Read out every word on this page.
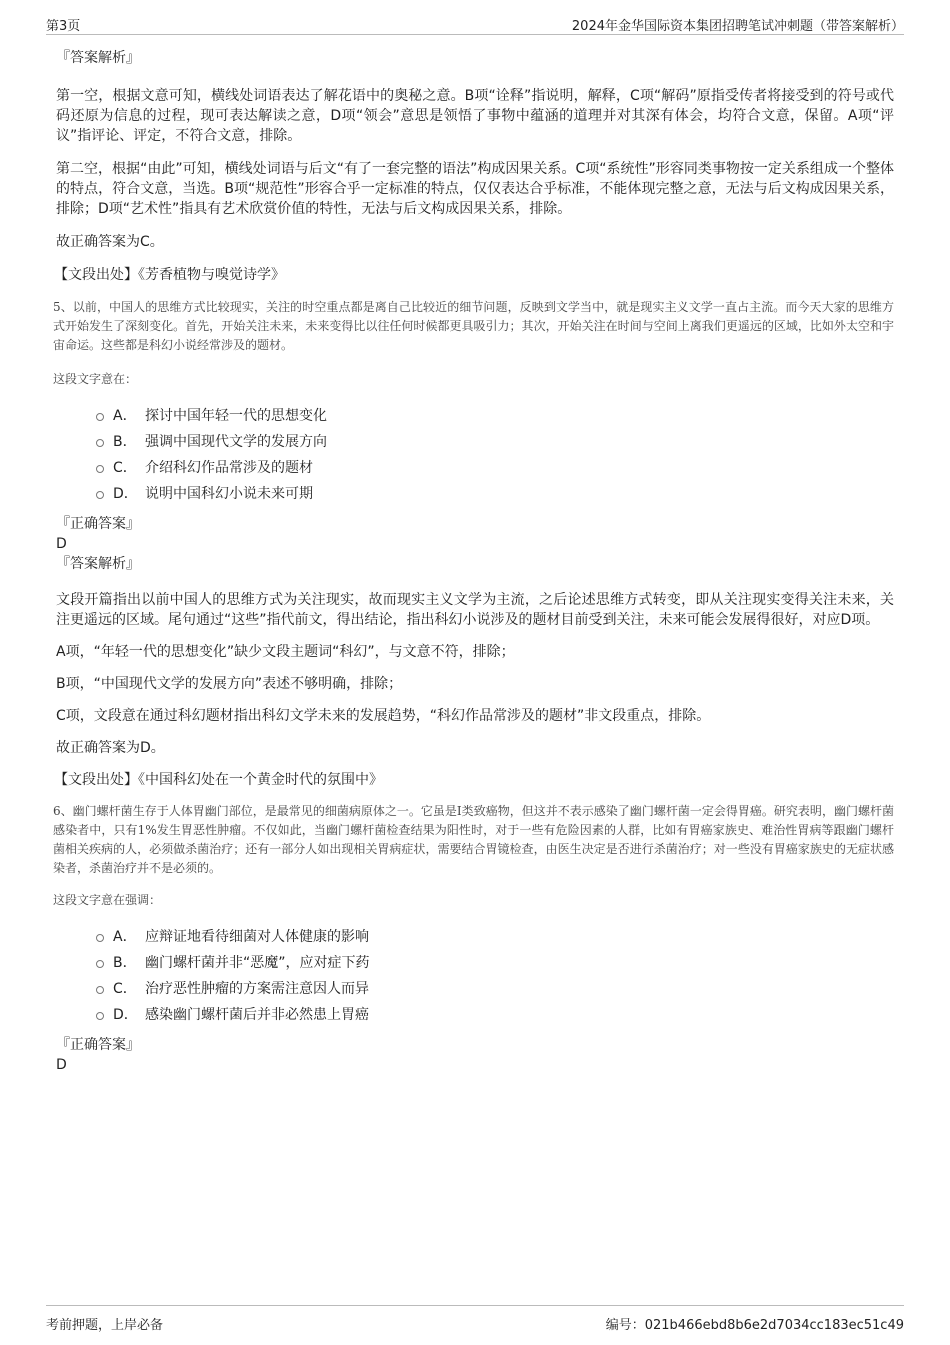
第3页	2024年金华国际资本集团招聘笔试冲刺题（带答案解析）

『答案解析』

第一空，根据文意可知，横线处词语表达了解花语中的奥秘之意。B项“诠释”指说明，解释，C项“解码”原指受传者将接受到的符号或代码还原为信息的过程，现可表达解读之意，D项“领会”意思是领悟了事物中蕴涵的道理并对其深有体会，均符合文意，保留。A项“评议”指评论、评定，不符合文意，排除。

第二空，根据“由此”可知，横线处词语与后文“有了一套完整的语法”构成因果关系。C项“系统性”形容同类事物按一定关系组成一个整体的特点，符合文意，当选。B项“规范性”形容合乎一定标准的特点，仅仅表达合乎标准，不能体现完整之意，无法与后文构成因果关系，排除；D项“艺术性”指具有艺术欣赏价值的特性，无法与后文构成因果关系，排除。

故正确答案为C。

【文段出处】《芳香植物与嗅觉诗学》

5、以前，中国人的思维方式比较现实，关注的时空重点都是离自己比较近的细节问题，反映到文学当中，就是现实主义文学一直占主流。而今天大家的思维方式开始发生了深刻变化。首先，开始关注未来，未来变得比以往任何时候都更具吸引力；其次，开始关注在时间与空间上离我们更遥远的区域，比如外太空和宇宙命运。这些都是科幻小说经常涉及的题材。

这段文字意在：

A． 探讨中国年轻一代的思想变化
B． 强调中国现代文学的发展方向
C． 介绍科幻作品常涉及的题材
D． 说明中国科幻小说未来可期

『正确答案』

D

『答案解析』

文段开篇指出以前中国人的思维方式为关注现实，故而现实主义文学为主流，之后论述思维方式转变，即从关注现实变得关注未来，关注更遥远的区域。尾句通过“这些”指代前文，得出结论，指出科幻小说涉及的题材目前受到关注，未来可能会发展得很好，对应D项。

A项，“年轻一代的思想变化”缺少文段主题词“科幻”，与文意不符，排除；

B项，“中国现代文学的发展方向”表述不够明确，排除；

C项，文段意在通过科幻题材指出科幻文学未来的发展趋势，“科幻作品常涉及的题材”非文段重点，排除。

故正确答案为D。

【文段出处】《中国科幻处在一个黄金时代的氛围中》

6、幽门螺杆菌生存于人体胃幽门部位，是最常见的细菌病原体之一。它虽是I类致癌物，但这并不表示感染了幽门螺杆菌一定会得胃癌。研究表明，幽门螺杆菌感染者中，只有1%发生胃恶性肿瘤。不仅如此，当幽门螺杆菌检查结果为阳性时，对于一些有危险因素的人群，比如有胃癌家族史、难治性胃病等跟幽门螺杆菌相关疾病的人，必须做杀菌治疗；还有一部分人如出现相关胃病症状，需要结合胃镜检查，由医生决定是否进行杀菌治疗；对一些没有胃癌家族史的无症状感染者，杀菌治疗并不是必须的。

这段文字意在强调：

A． 应辩证地看待细菌对人体健康的影响
B． 幽门螺杆菌并非“恶魔”，应对症下药
C． 治疗恶性肿瘤的方案需注意因人而异
D． 感染幽门螺杆菌后并非必然患上胃癌

『正确答案』

D

考前押题，上岸必备	编号：021b466ebd8b6e2d7034cc183ec51c49
